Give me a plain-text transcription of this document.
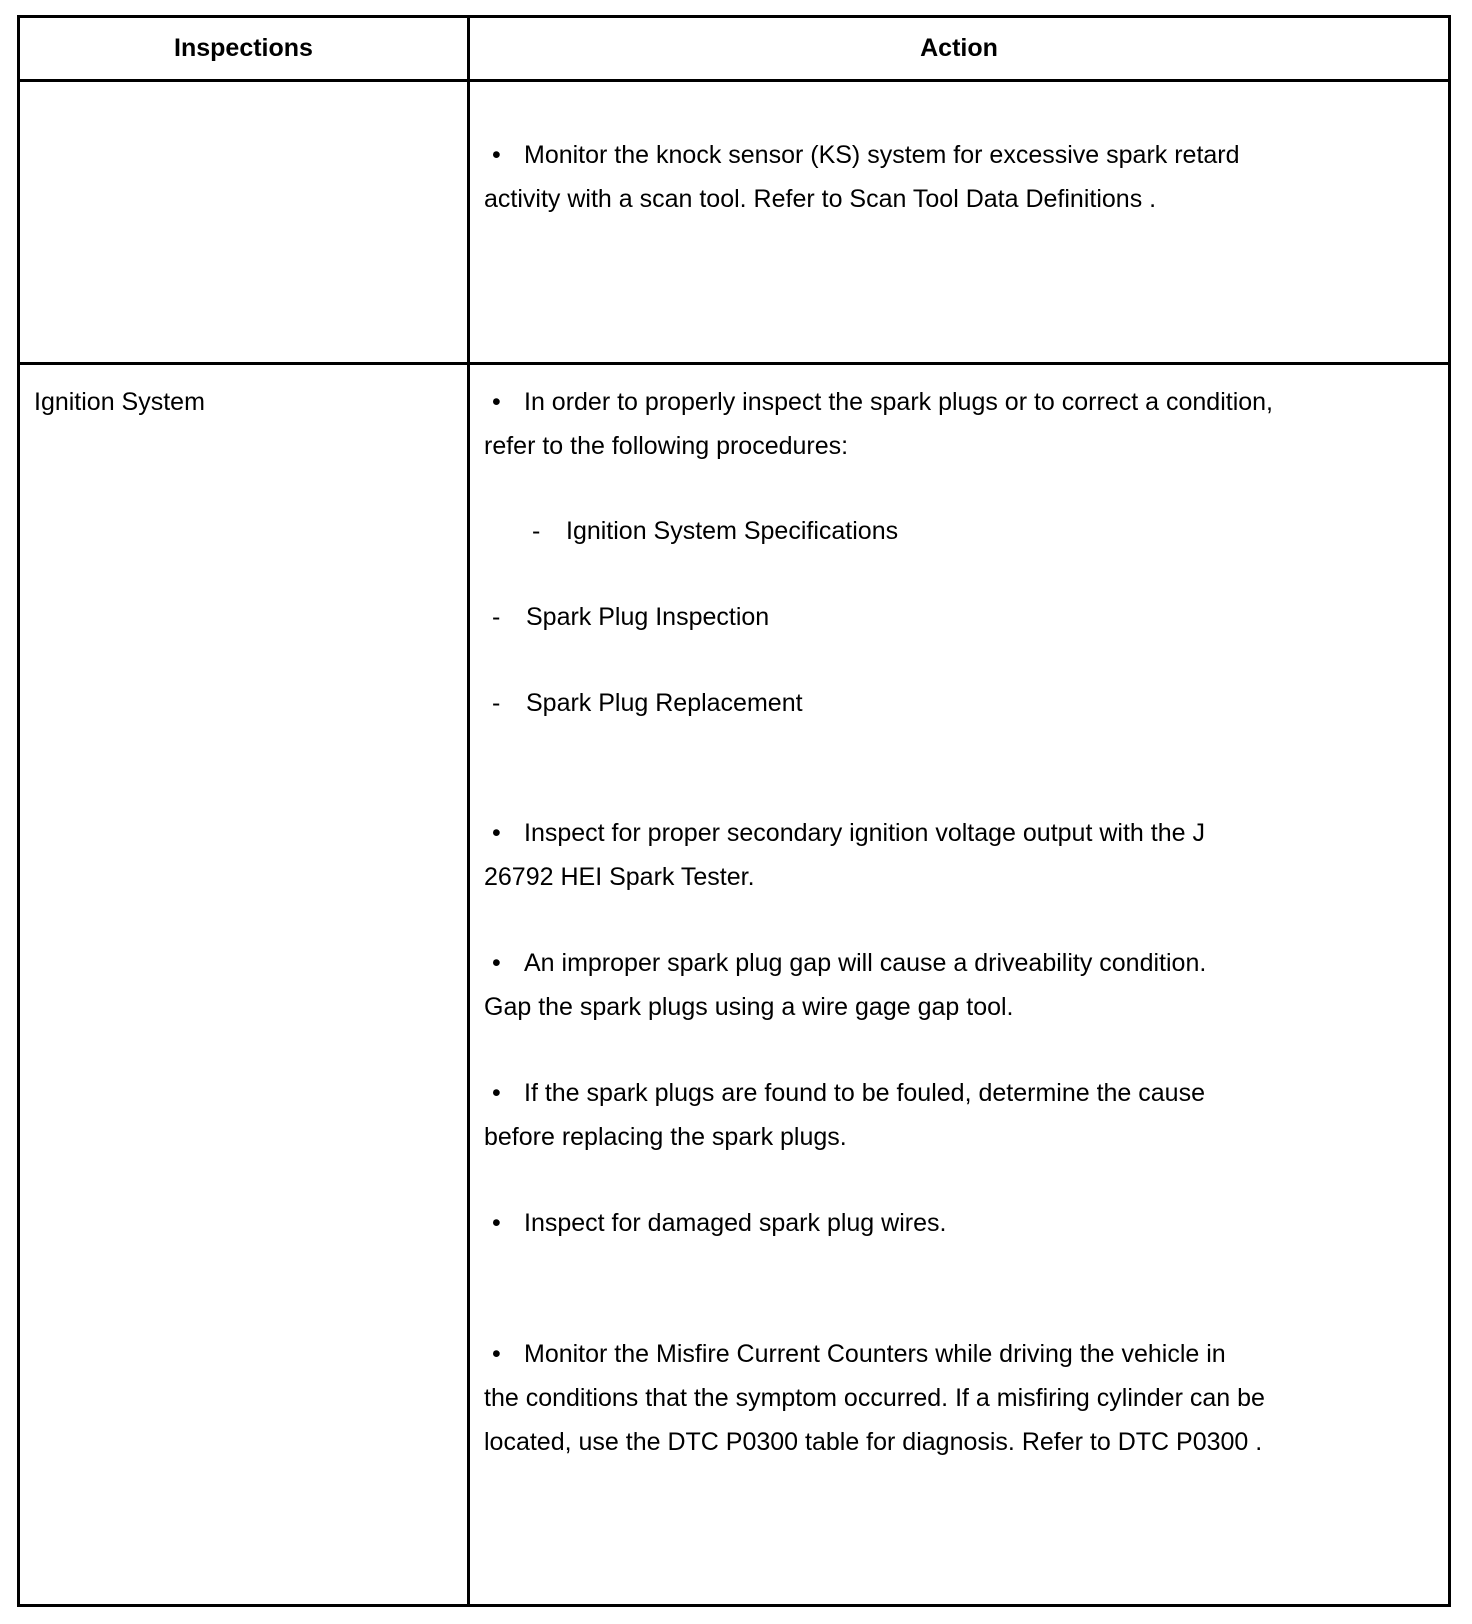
Inspections	Action
• Monitor the knock sensor (KS) system for excessive spark retard
activity with a scan tool. Refer to Scan Tool Data Definitions .
Ignition System	• In order to properly inspect the spark plugs or to correct a condition,
refer to the following procedures:
- Ignition System Specifications
- Spark Plug Inspection
- Spark Plug Replacement
• Inspect for proper secondary ignition voltage output with the J
26792 HEI Spark Tester.
• An improper spark plug gap will cause a driveability condition.
Gap the spark plugs using a wire gage gap tool.
• If the spark plugs are found to be fouled, determine the cause
before replacing the spark plugs.
• Inspect for damaged spark plug wires.
• Monitor the Misfire Current Counters while driving the vehicle in
the conditions that the symptom occurred. If a misfiring cylinder can be
located, use the DTC P0300 table for diagnosis. Refer to DTC P0300 .
